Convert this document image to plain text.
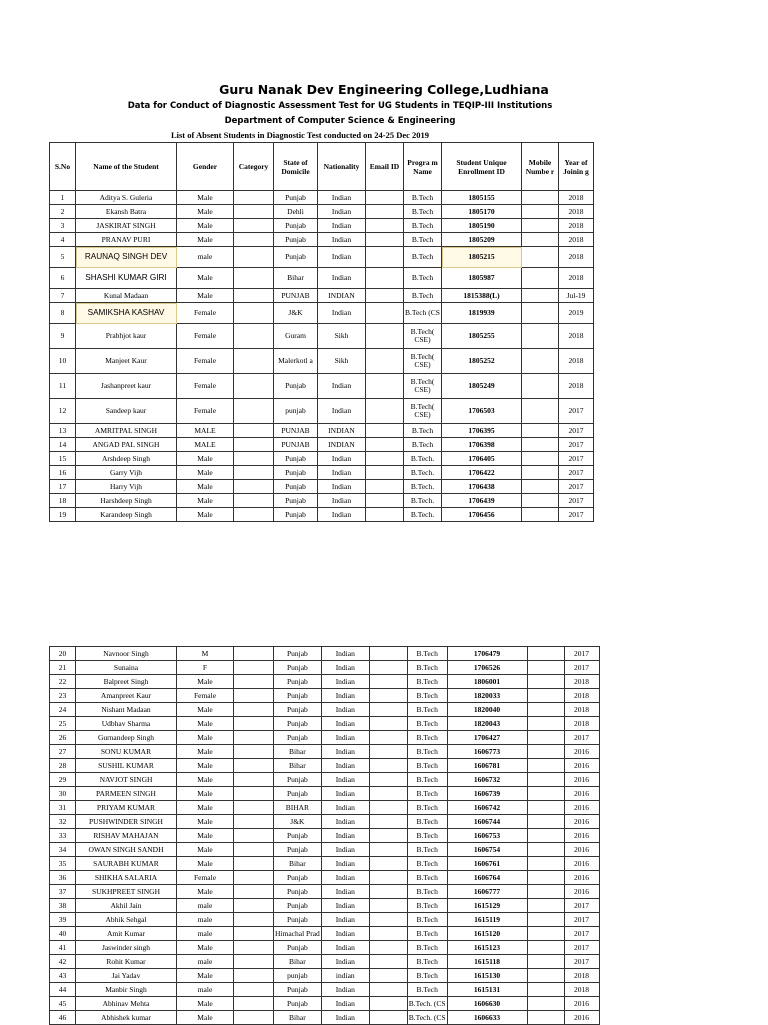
Guru Nanak Dev Engineering College,Ludhiana
Data for Conduct of Diagnostic Assessment Test for UG Students in TEQIP-III Institutions
Department of Computer Science & Engineering
List of Absent Students in Diagnostic Test conducted on 24-25 Dec 2019
S.No	Name of the Student	Gender	Category	State of Domicile	Nationality	Email ID	Progra m Name	Student Unique Enrollment ID	Mobile Numbe r	Year of Joinin g
1	Aditya S. Guleria	Male		Punjab	Indian		B.Tech	1805155		2018
2	Ekansh Batra	Male		Dehli	Indian		B.Tech	1805170		2018
3	JASKIRAT SINGH	Male		Punjab	Indian		B.Tech	1805190		2018
4	PRANAV PURI	Male		Punjab	Indian		B.Tech	1805209		2018
5	RAUNAQ SINGH DEV	male		Punjab	Indian		B.Tech	1805215		2018
6	SHASHI KUMAR GIRI	Male		Bihar	Indian		B.Tech	1805987		2018
7	Kunal Madaan	Male		PUNJAB	INDIAN		B.Tech	1815388(L)		Jul-19
8	SAMIKSHA KASHAV	Female		J&K	Indian		B.Tech (CS	1819939		2019
9	Prabhjot kaur	Female		Guram	Sikh		B.Tech( CSE)	1805255		2018
10	Manjeet Kaur	Female		Malerkotl a	Sikh		B.Tech( CSE)	1805252		2018
11	Jashanpreet kaur	Female		Punjab	Indian		B.Tech( CSE)	1805249		2018
12	Sandeep kaur	Female		punjab	Indian		B.Tech( CSE)	1706503		2017
13	AMRITPAL SINGH	MALE		PUNJAB	INDIAN		B.Tech	1706395		2017
14	ANGAD PAL SINGH	MALE		PUNJAB	INDIAN		B.Tech	1706398		2017
15	Arshdeep Singh	Male		Punjab	Indian		B.Tech.	1706405		2017
16	Garry Vijh	Male		Punjab	Indian		B.Tech.	1706422		2017
17	Harry Vijh	Male		Punjab	Indian		B.Tech.	1706438		2017
18	Harshdeep Singh	Male		Punjab	Indian		B.Tech.	1706439		2017
19	Karandeep Singh	Male		Punjab	Indian		B.Tech.	1706456		2017
20	Navnoor Singh	M		Punjab	Indian		B.Tech	1706479		2017
21	Sunaina	F		Punjab	Indian		B.Tech	1706526		2017
22	Balpreet Singh	Male		Punjab	Indian		B.Tech	1806001		2018
23	Amanpreet Kaur	Female		Punjab	Indian		B.Tech	1820033		2018
24	Nishant Madaan	Male		Punjab	Indian		B.Tech	1820040		2018
25	Udbhav Sharma	Male		Punjab	Indian		B.Tech	1820043		2018
26	Gurnandeep Singh	Male		Punjab	Indian		B.Tech	1706427		2017
27	SONU KUMAR	Male		Bihar	Indian		B.Tech	1606773		2016
28	SUSHIL KUMAR	Male		Bihar	Indian		B.Tech	1606781		2016
29	NAVJOT SINGH	Male		Punjab	Indian		B.Tech	1606732		2016
30	PARMEEN SINGH	Male		Punjab	Indian		B.Tech	1606739		2016
31	PRIYAM KUMAR	Male		BIHAR	Indian		B.Tech	1606742		2016
32	PUSHWINDER SINGH	Male		J&K	Indian		B.Tech	1606744		2016
33	RISHAV MAHAJAN	Male		Punjab	Indian		B.Tech	1606753		2016
34	OWAN SINGH SANDH	Male		Punjab	Indian		B.Tech	1606754		2016
35	SAURABH KUMAR	Male		Bihar	Indian		B.Tech	1606761		2016
36	SHIKHA SALARIA	Female		Punjab	Indian		B.Tech	1606764		2016
37	SUKHPREET SINGH	Male		Punjab	Indian		B.Tech	1606777		2016
38	Akhil Jain	male		Punjab	Indian		B.Tech	1615129		2017
39	Abhik Sehgal	male		Punjab	Indian		B.Tech	1615119		2017
40	Amit Kumar	male		Himachal Prad	Indian		B.Tech	1615120		2017
41	Jaswinder singh	Male		Punjab	Indian		B.Tech	1615123		2017
42	Rohit Kumar	male		Bihar	Indian		B.Tech	1615118		2017
43	Jai Yadav	Male		punjab	indian		B.Tech	1615130		2018
44	Manbir Singh	male		Punjab	Indian		B.Tech	1615131		2018
45	Abhinav Mehta	Male		Punjab	Indian		B.Tech. (CS	1606630		2016
46	Abhishek kumar	Male		Bihar	Indian		B.Tech. (CS	1606633		2016
